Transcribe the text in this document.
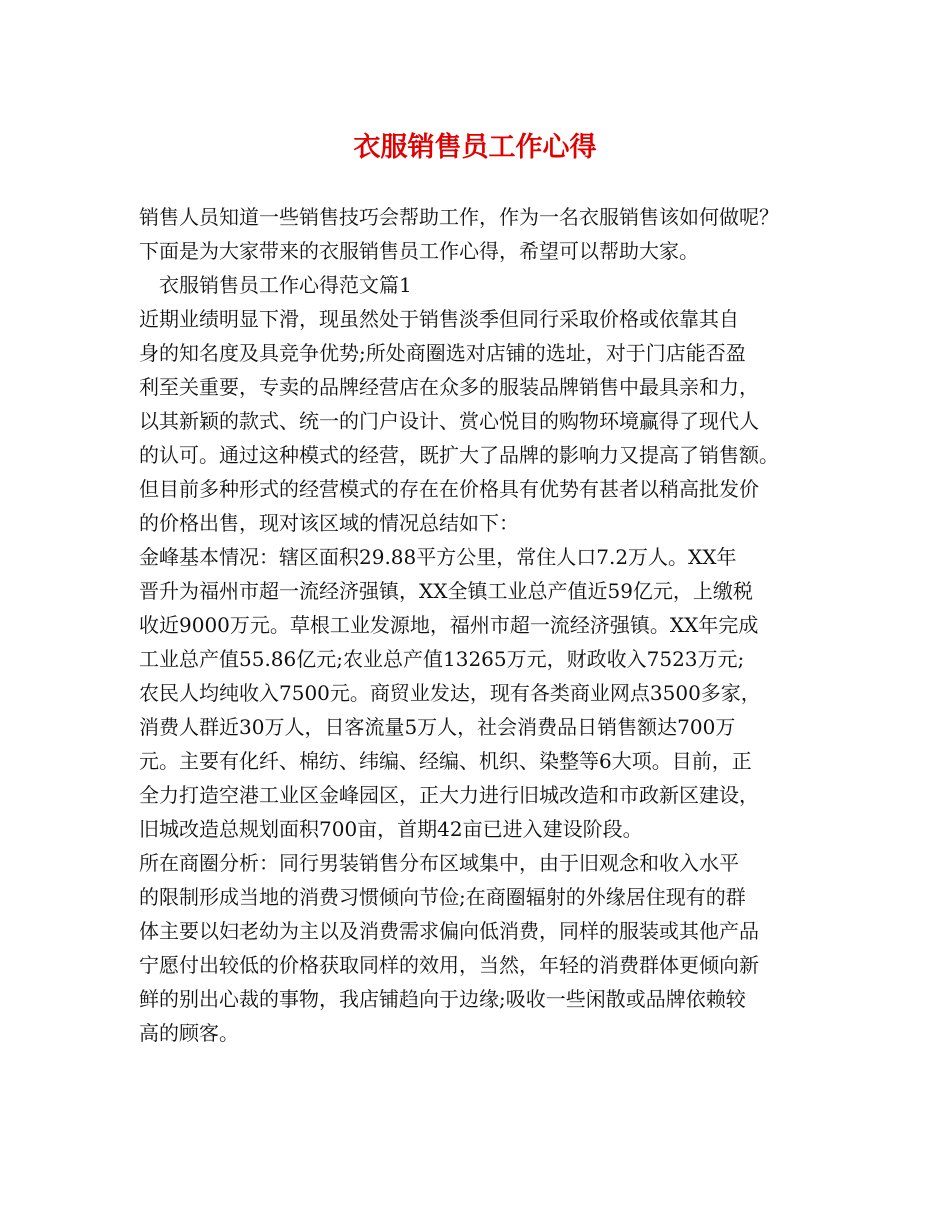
衣服销售员工作心得
销售人员知道一些销售技巧会帮助工作，作为一名衣服销售该如何做呢？
下面是为大家带来的衣服销售员工作心得，希望可以帮助大家。
　衣服销售员工作心得范文篇1
近期业绩明显下滑，现虽然处于销售淡季但同行采取价格或依靠其自
身的知名度及具竞争优势;所处商圈选对店铺的选址，对于门店能否盈
利至关重要，专卖的品牌经营店在众多的服装品牌销售中最具亲和力，
以其新颖的款式、统一的门户设计、赏心悦目的购物环境赢得了现代人
的认可。通过这种模式的经营，既扩大了品牌的影响力又提高了销售额。
但目前多种形式的经营模式的存在在价格具有优势有甚者以稍高批发价
的价格出售，现对该区域的情况总结如下：
金峰基本情况：辖区面积29.88平方公里，常住人口7.2万人。XX年
晋升为福州市超一流经济强镇，XX全镇工业总产值近59亿元，上缴税
收近9000万元。草根工业发源地，福州市超一流经济强镇。XX年完成
工业总产值55.86亿元;农业总产值13265万元，财政收入7523万元;
农民人均纯收入7500元。商贸业发达，现有各类商业网点3500多家，
消费人群近30万人，日客流量5万人，社会消费品日销售额达700万
元。主要有化纤、棉纺、纬编、经编、机织、染整等6大项。目前，正
全力打造空港工业区金峰园区，正大力进行旧城改造和市政新区建设，
旧城改造总规划面积700亩，首期42亩已进入建设阶段。
所在商圈分析：同行男装销售分布区域集中，由于旧观念和收入水平
的限制形成当地的消费习惯倾向节俭;在商圈辐射的外缘居住现有的群
体主要以妇老幼为主以及消费需求偏向低消费，同样的服装或其他产品
宁愿付出较低的价格获取同样的效用，当然，年轻的消费群体更倾向新
鲜的别出心裁的事物，我店铺趋向于边缘;吸收一些闲散或品牌依赖较
高的顾客。
